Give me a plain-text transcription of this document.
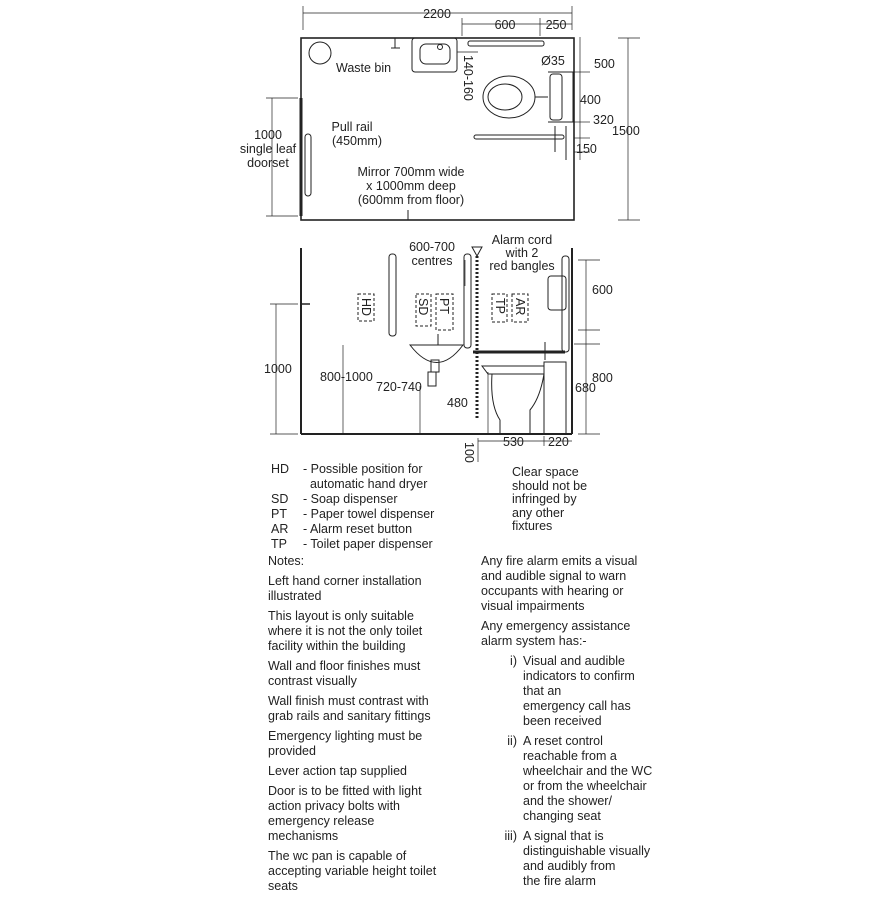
2200
600 250
Ø35 500
400
320
150
1500
140-160
Waste bin
Pull rail
(450mm)
1000
single leaf
doorset
Mirror 700mm wide
x 1000mm deep
(600mm from floor)
600-700
centres
Alarm cord
with 2
red bangles
HD	SD PT	TP AR
1000
800-1000
720-740
480
600
800
680
100 530 220
HD	- Possible position for
automatic hand dryer
SD	- Soap dispenser
PT	- Paper towel dispenser
AR	- Alarm reset button
TP	- Toilet paper dispenser
Clear space
should not be
infringed by
any other
fixtures
Notes:
Left hand corner installation
illustrated
This layout is only suitable
where it is not the only toilet
facility within the building
Wall and floor finishes must
contrast visually
Wall finish must contrast with
grab rails and sanitary fittings
Emergency lighting must be
provided
Lever action tap supplied
Door is to be fitted with light
action privacy bolts with
emergency release
mechanisms
The wc pan is capable of
accepting variable height toilet
seats
Any fire alarm emits a visual
and audible signal to warn
occupants with hearing or
visual impairments
Any emergency assistance
alarm system has:-
i) Visual and audible
indicators to confirm
that an
emergency call has
been received
ii) A reset control
reachable from a
wheelchair and the WC
or from the wheelchair
and the shower/
changing seat
iii) A signal that is
distinguishable visually
and audibly from
the fire alarm
